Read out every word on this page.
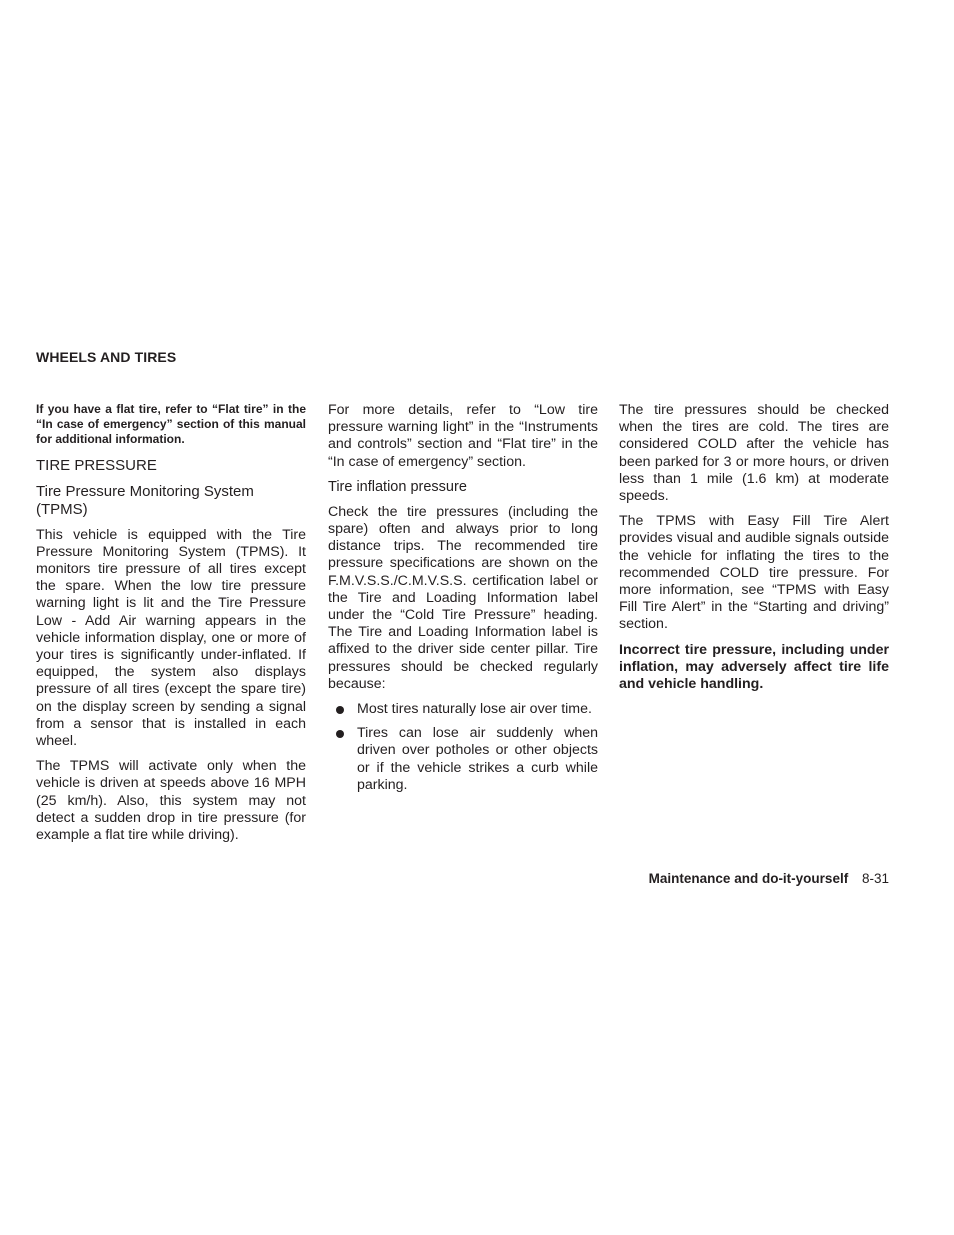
WHEELS AND TIRES

If you have a flat tire, refer to “Flat tire” in the “In case of emergency” section of this manual for additional information.

TIRE PRESSURE
Tire Pressure Monitoring System (TPMS)

This vehicle is equipped with the Tire Pressure Monitoring System (TPMS). It monitors tire pressure of all tires except the spare. When the low tire pressure warning light is lit and the Tire Pressure Low - Add Air warning appears in the vehicle information display, one or more of your tires is significantly under-inflated. If equipped, the system also displays pressure of all tires (except the spare tire) on the display screen by sending a signal from a sensor that is installed in each wheel.

The TPMS will activate only when the vehicle is driven at speeds above 16 MPH (25 km/h). Also, this system may not detect a sudden drop in tire pressure (for example a flat tire while driving).

For more details, refer to “Low tire pressure warning light” in the “Instruments and controls” section and “Flat tire” in the “In case of emergency” section.

Tire inflation pressure

Check the tire pressures (including the spare) often and always prior to long distance trips. The recommended tire pressure specifications are shown on the F.M.V.S.S./C.M.V.S.S. certification label or the Tire and Loading Information label under the “Cold Tire Pressure” heading. The Tire and Loading Information label is affixed to the driver side center pillar. Tire pressures should be checked regularly because:

Most tires naturally lose air over time.
Tires can lose air suddenly when driven over potholes or other objects or if the vehicle strikes a curb while parking.

The tire pressures should be checked when the tires are cold. The tires are considered COLD after the vehicle has been parked for 3 or more hours, or driven less than 1 mile (1.6 km) at moderate speeds.

The TPMS with Easy Fill Tire Alert provides visual and audible signals outside the vehicle for inflating the tires to the recommended COLD tire pressure. For more information, see “TPMS with Easy Fill Tire Alert” in the “Starting and driving” section.

Incorrect tire pressure, including under inflation, may adversely affect tire life and vehicle handling.

Maintenance and do-it-yourself 8-31
